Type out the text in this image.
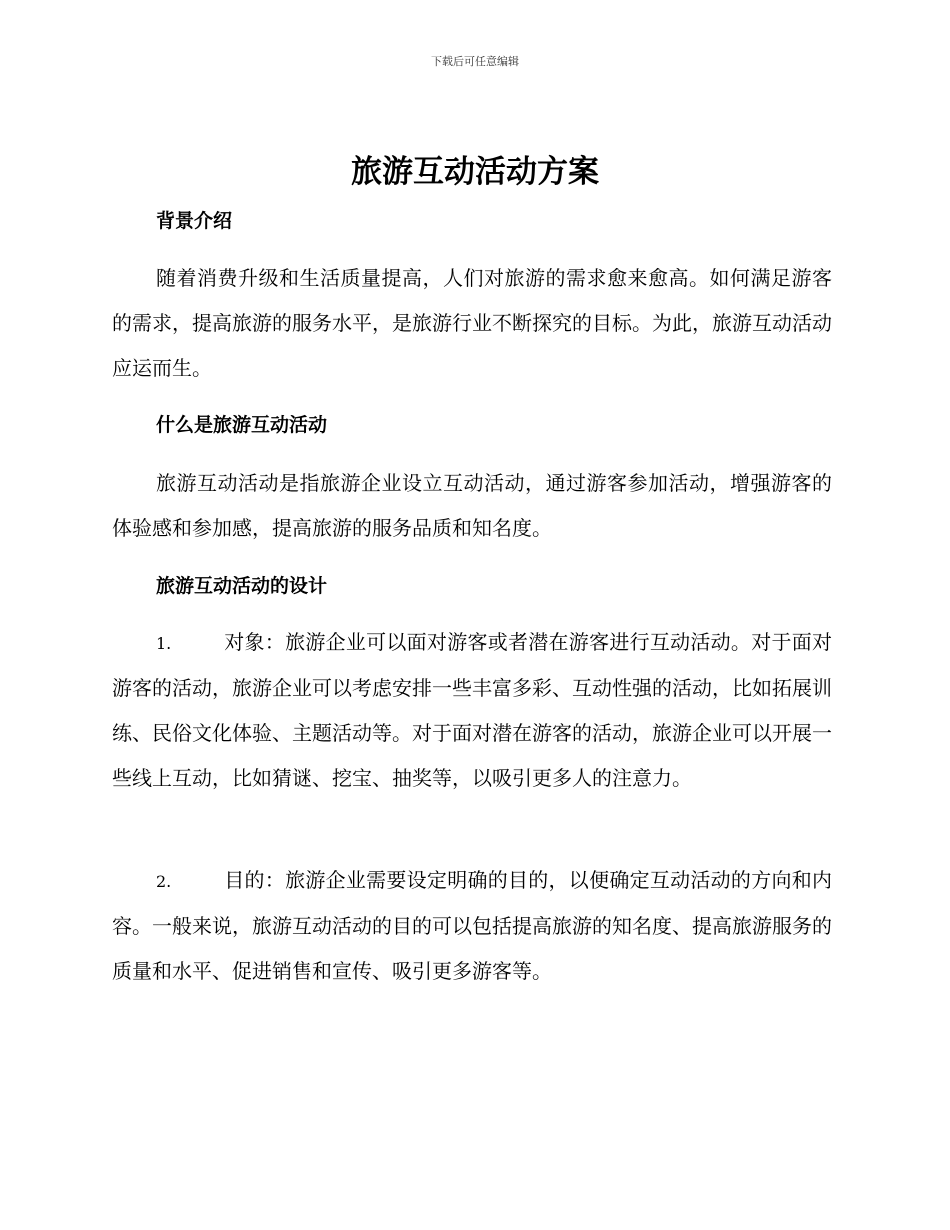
下载后可任意编辑
旅游互动活动方案
背景介绍

随着消费升级和生活质量提高，人们对旅游的需求愈来愈高。如何满足游客的需求，提高旅游的服务水平，是旅游行业不断探究的目标。为此，旅游互动活动应运而生。

什么是旅游互动活动

旅游互动活动是指旅游企业设立互动活动，通过游客参加活动，增强游客的体验感和参加感，提高旅游的服务品质和知名度。

旅游互动活动的设计

1.	对象：旅游企业可以面对游客或者潜在游客进行互动活动。对于面对游客的活动，旅游企业可以考虑安排一些丰富多彩、互动性强的活动，比如拓展训练、民俗文化体验、主题活动等。对于面对潜在游客的活动，旅游企业可以开展一些线上互动，比如猜谜、挖宝、抽奖等，以吸引更多人的注意力。

2.	目的：旅游企业需要设定明确的目的，以便确定互动活动的方向和内容。一般来说，旅游互动活动的目的可以包括提高旅游的知名度、提高旅游服务的质量和水平、促进销售和宣传、吸引更多游客等。
